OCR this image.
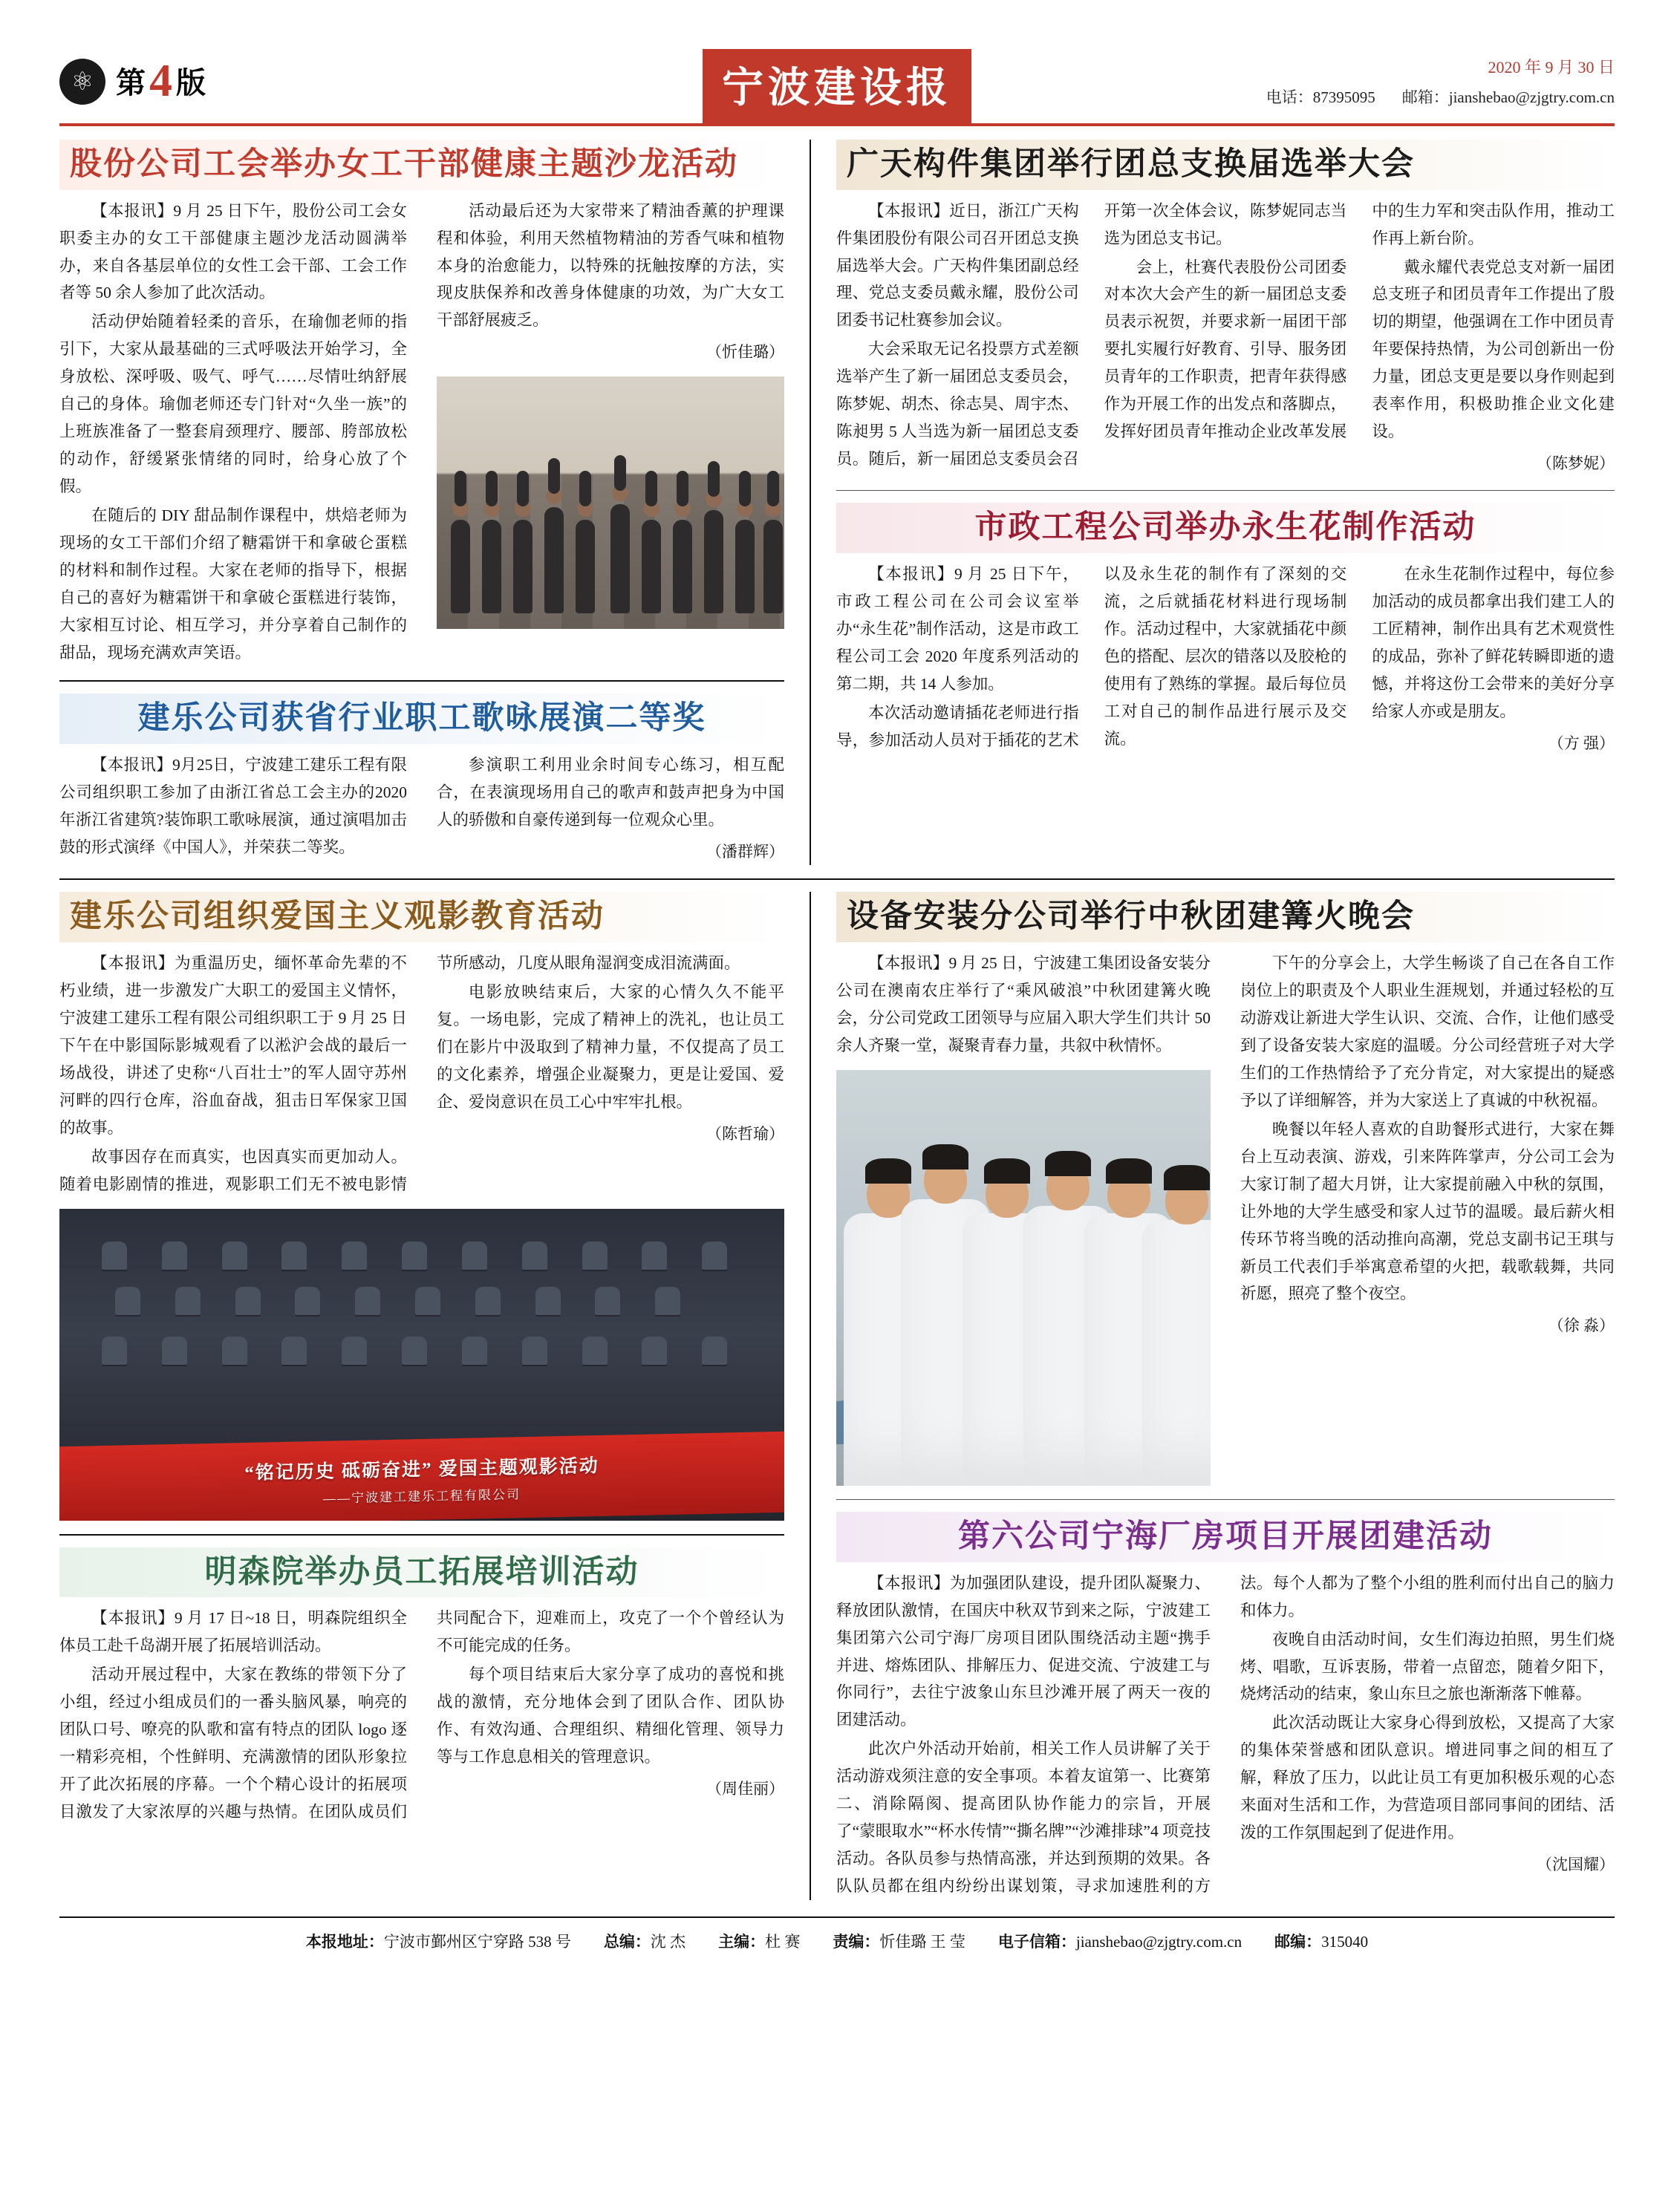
⚛ 第4 版	宁波建设报	2020 年 9 月 30 日
电话：87395095 邮箱：jianshebao@zjgtry.com.cn
股份公司工会举办女工干部健康主题沙龙活动

【本报讯】9 月 25 日下午，股份公司工会女职委主办的女工干部健康主题沙龙活动圆满举办，来自各基层单位的女性工会干部、工会工作者等 50 余人参加了此次活动。

活动伊始随着轻柔的音乐，在瑜伽老师的指引下，大家从最基础的三式呼吸法开始学习，全身放松、深呼吸、吸气、呼气……尽情吐纳舒展自己的身体。瑜伽老师还专门针对“久坐一族”的上班族准备了一整套肩颈理疗、腰部、胯部放松的动作，舒缓紧张情绪的同时，给身心放了个假。

在随后的 DIY 甜品制作课程中，烘焙老师为现场的女工干部们介绍了糖霜饼干和拿破仑蛋糕的材料和制作过程。大家在老师的指导下，根据自己的喜好为糖霜饼干和拿破仑蛋糕进行装饰，大家相互讨论、相互学习，并分享着自己制作的甜品，现场充满欢声笑语。

活动最后还为大家带来了精油香薰的护理课程和体验，利用天然植物精油的芳香气味和植物本身的治愈能力，以特殊的抚触按摩的方法，实现皮肤保养和改善身体健康的功效，为广大女工干部舒展疲乏。

（忻佳璐）
建乐公司获省行业职工歌咏展演二等奖

【本报讯】9月25日，宁波建工建乐工程有限公司组织职工参加了由浙江省总工会主办的2020年浙江省建筑?装饰职工歌咏展演，通过演唱加击鼓的形式演绎《中国人》，并荣获二等奖。

参演职工利用业余时间专心练习，相互配合，在表演现场用自己的歌声和鼓声把身为中国人的骄傲和自豪传递到每一位观众心里。

（潘群辉）
广天构件集团举行团总支换届选举大会

【本报讯】近日，浙江广天构件集团股份有限公司召开团总支换届选举大会。广天构件集团副总经理、党总支委员戴永耀，股份公司团委书记杜赛参加会议。

大会采取无记名投票方式差额选举产生了新一届团总支委员会，陈梦妮、胡杰、徐志昊、周宇杰、陈昶男 5 人当选为新一届团总支委员。随后，新一届团总支委员会召开第一次全体会议，陈梦妮同志当选为团总支书记。

会上，杜赛代表股份公司团委对本次大会产生的新一届团总支委员表示祝贺，并要求新一届团干部要扎实履行好教育、引导、服务团员青年的工作职责，把青年获得感作为开展工作的出发点和落脚点，发挥好团员青年推动企业改革发展中的生力军和突击队作用，推动工作再上新台阶。

戴永耀代表党总支对新一届团总支班子和团员青年工作提出了殷切的期望，他强调在工作中团员青年要保持热情，为公司创新出一份力量，团总支更是要以身作则起到表率作用，积极助推企业文化建设。

（陈梦妮）
市政工程公司举办永生花制作活动

【本报讯】9 月 25 日下午，市政工程公司在公司会议室举办“永生花”制作活动，这是市政工程公司工会 2020 年度系列活动的第二期，共 14 人参加。

本次活动邀请插花老师进行指导，参加活动人员对于插花的艺术以及永生花的制作有了深刻的交流，之后就插花材料进行现场制作。活动过程中，大家就插花中颜色的搭配、层次的错落以及胶枪的使用有了熟练的掌握。最后每位员工对自己的制作品进行展示及交流。

在永生花制作过程中，每位参加活动的成员都拿出我们建工人的工匠精神，制作出具有艺术观赏性的成品，弥补了鲜花转瞬即逝的遗憾，并将这份工会带来的美好分享给家人亦或是朋友。

（方 强）
建乐公司组织爱国主义观影教育活动

【本报讯】为重温历史，缅怀革命先辈的不朽业绩，进一步激发广大职工的爱国主义情怀，宁波建工建乐工程有限公司组织职工于 9 月 25 日下午在中影国际影城观看了以淞沪会战的最后一场战役，讲述了史称“八百壮士”的军人固守苏州河畔的四行仓库，浴血奋战，狙击日军保家卫国的故事。

故事因存在而真实，也因真实而更加动人。随着电影剧情的推进，观影职工们无不被电影情节所感动，几度从眼角湿润变成泪流满面。

电影放映结束后，大家的心情久久不能平复。一场电影，完成了精神上的洗礼，也让员工们在影片中汲取到了精神力量，不仅提高了员工的文化素养，增强企业凝聚力，更是让爱国、爱企、爱岗意识在员工心中牢牢扎根。

（陈哲瑜）
“铭记历史 砥砺奋进” 爱国主题观影活动
——宁波建工建乐工程有限公司
明森院举办员工拓展培训活动

【本报讯】9 月 17 日~18 日，明森院组织全体员工赴千岛湖开展了拓展培训活动。

活动开展过程中，大家在教练的带领下分了小组，经过小组成员们的一番头脑风暴，响亮的团队口号、嘹亮的队歌和富有特点的团队 logo 逐一精彩亮相，个性鲜明、充满激情的团队形象拉开了此次拓展的序幕。一个个精心设计的拓展项目激发了大家浓厚的兴趣与热情。在团队成员们共同配合下，迎难而上，攻克了一个个曾经认为不可能完成的任务。

每个项目结束后大家分享了成功的喜悦和挑战的激情，充分地体会到了团队合作、团队协作、有效沟通、合理组织、精细化管理、领导力等与工作息息相关的管理意识。

（周佳丽）
设备安装分公司举行中秋团建篝火晚会

【本报讯】9 月 25 日，宁波建工集团设备安装分公司在澳南农庄举行了“乘风破浪”中秋团建篝火晚会，分公司党政工团领导与应届入职大学生们共计 50 余人齐聚一堂，凝聚青春力量，共叙中秋情怀。

下午的分享会上，大学生畅谈了自己在各自工作岗位上的职责及个人职业生涯规划，并通过轻松的互动游戏让新进大学生认识、交流、合作，让他们感受到了设备安装大家庭的温暖。分公司经营班子对大学生们的工作热情给予了充分肯定，对大家提出的疑惑予以了详细解答，并为大家送上了真诚的中秋祝福。

晚餐以年轻人喜欢的自助餐形式进行，大家在舞台上互动表演、游戏，引来阵阵掌声，分公司工会为大家订制了超大月饼，让大家提前融入中秋的氛围，让外地的大学生感受和家人过节的温暖。最后薪火相传环节将当晚的活动推向高潮，党总支副书记王琪与新员工代表们手举寓意希望的火把，载歌载舞，共同祈愿，照亮了整个夜空。

（徐 淼）
第六公司宁海厂房项目开展团建活动

【本报讯】为加强团队建设，提升团队凝聚力、释放团队激情，在国庆中秋双节到来之际，宁波建工集团第六公司宁海厂房项目团队围绕活动主题“携手并进、熔炼团队、排解压力、促进交流、宁波建工与你同行”，去往宁波象山东旦沙滩开展了两天一夜的团建活动。

此次户外活动开始前，相关工作人员讲解了关于活动游戏须注意的安全事项。本着友谊第一、比赛第二、消除隔阂、提高团队协作能力的宗旨，开展了“蒙眼取水”“杯水传情”“撕名牌”“沙滩排球”4 项竞技活动。各队员参与热情高涨，并达到预期的效果。各队队员都在组内纷纷出谋划策，寻求加速胜利的方法。每个人都为了整个小组的胜利而付出自己的脑力和体力。

夜晚自由活动时间，女生们海边拍照，男生们烧烤、唱歌，互诉衷肠，带着一点留恋，随着夕阳下，烧烤活动的结束，象山东旦之旅也渐渐落下帷幕。

此次活动既让大家身心得到放松，又提高了大家的集体荣誉感和团队意识。增进同事之间的相互了解，释放了压力，以此让员工有更加积极乐观的心态来面对生活和工作，为营造项目部同事间的团结、活泼的工作氛围起到了促进作用。

（沈国耀）
本报地址：宁波市鄞州区宁穿路 538 号 总编：沈 杰 主编：杜 赛 责编：忻佳璐 王 莹 电子信箱：jianshebao@zjgtry.com.cn 邮编：315040
